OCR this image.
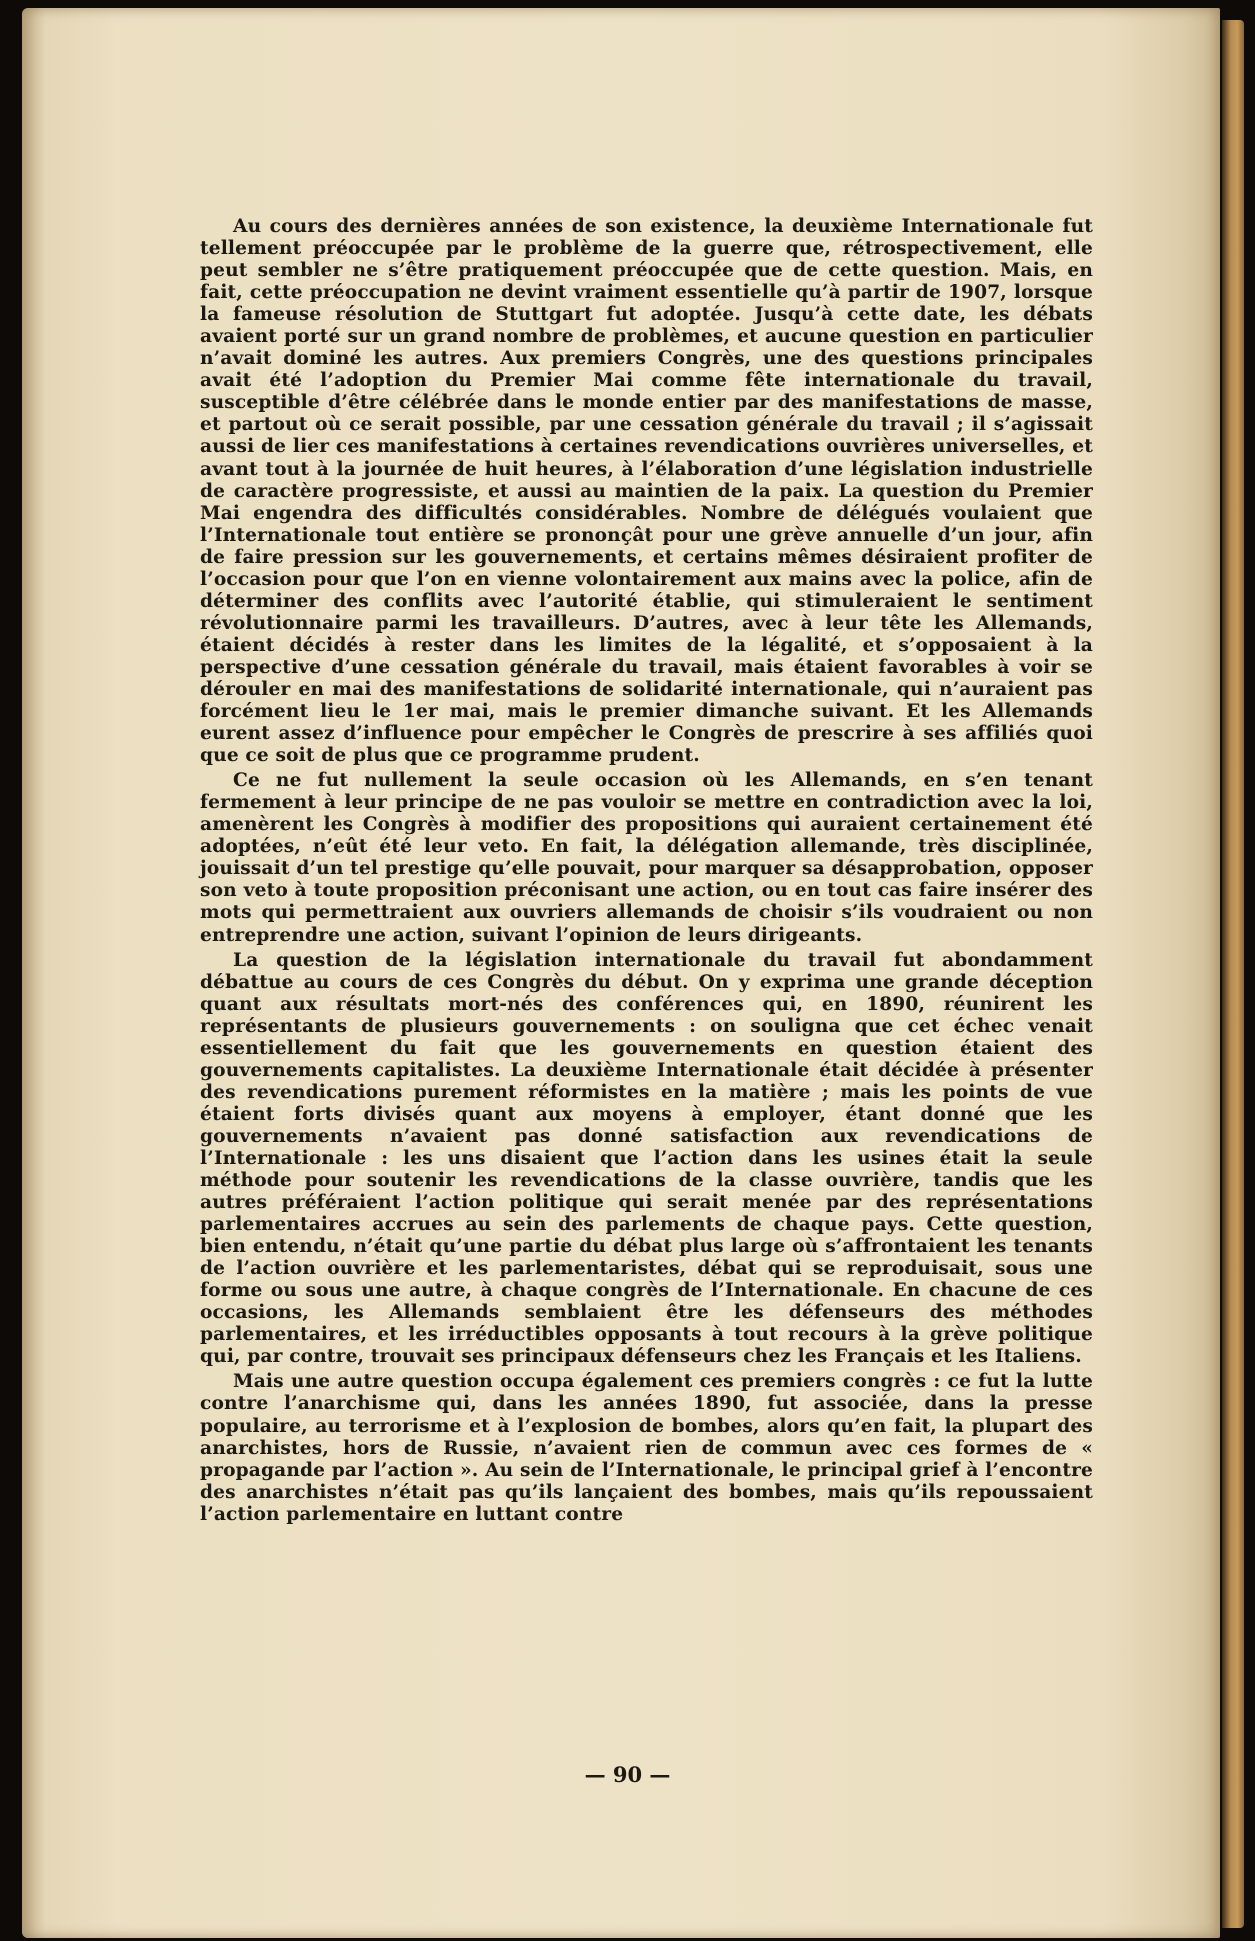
Au cours des dernières années de son existence, la deuxième Internationale fut tellement préoccupée par le problème de la guerre que, rétrospectivement, elle peut sembler ne s’être pratiquement préoccupée que de cette question. Mais, en fait, cette préoccupation ne devint vraiment essentielle qu’à partir de 1907, lorsque la fameuse résolution de Stuttgart fut adoptée. Jusqu’à cette date, les débats avaient porté sur un grand nombre de problèmes, et aucune question en particulier n’avait dominé les autres. Aux premiers Congrès, une des questions principales avait été l’adoption du Premier Mai comme fête internationale du travail, susceptible d’être célébrée dans le monde entier par des manifestations de masse, et partout où ce serait possible, par une cessation générale du travail ; il s’agissait aussi de lier ces manifestations à certaines revendications ouvrières universelles, et avant tout à la journée de huit heures, à l’élaboration d’une législation industrielle de caractère progressiste, et aussi au maintien de la paix. La question du Premier Mai engendra des difficultés considérables. Nombre de délégués voulaient que l’Internationale tout entière se prononçât pour une grève annuelle d’un jour, afin de faire pression sur les gouvernements, et certains mêmes désiraient profiter de l’occasion pour que l’on en vienne volontairement aux mains avec la police, afin de déterminer des conflits avec l’autorité établie, qui stimuleraient le sentiment révolutionnaire parmi les travailleurs. D’autres, avec à leur tête les Allemands, étaient décidés à rester dans les limites de la légalité, et s’opposaient à la perspective d’une cessation générale du travail, mais étaient favorables à voir se dérouler en mai des manifestations de solidarité internationale, qui n’auraient pas forcément lieu le 1er mai, mais le premier dimanche suivant. Et les Allemands eurent assez d’influence pour empêcher le Congrès de prescrire à ses affiliés quoi que ce soit de plus que ce programme prudent.

Ce ne fut nullement la seule occasion où les Allemands, en s’en tenant fermement à leur principe de ne pas vouloir se mettre en contradiction avec la loi, amenèrent les Congrès à modifier des propositions qui auraient certainement été adoptées, n’eût été leur veto. En fait, la délégation allemande, très disciplinée, jouissait d’un tel prestige qu’elle pouvait, pour marquer sa désapprobation, opposer son veto à toute proposition préconisant une action, ou en tout cas faire insérer des mots qui permettraient aux ouvriers allemands de choisir s’ils voudraient ou non entreprendre une action, suivant l’opinion de leurs dirigeants.

La question de la législation internationale du travail fut abondamment débattue au cours de ces Congrès du début. On y exprima une grande déception quant aux résultats mort-nés des conférences qui, en 1890, réunirent les représentants de plusieurs gouvernements : on souligna que cet échec venait essentiellement du fait que les gouvernements en question étaient des gouvernements capitalistes. La deuxième Internationale était décidée à présenter des revendications purement réformistes en la matière ; mais les points de vue étaient forts divisés quant aux moyens à employer, étant donné que les gouvernements n’avaient pas donné satisfaction aux revendications de l’Internationale : les uns disaient que l’action dans les usines était la seule méthode pour soutenir les revendications de la classe ouvrière, tandis que les autres préféraient l’action politique qui serait menée par des représentations parlementaires accrues au sein des parlements de chaque pays. Cette question, bien entendu, n’était qu’une partie du débat plus large où s’affrontaient les tenants de l’action ouvrière et les parlementaristes, débat qui se reproduisait, sous une forme ou sous une autre, à chaque congrès de l’Internationale. En chacune de ces occasions, les Allemands semblaient être les défenseurs des méthodes parlementaires, et les irréductibles opposants à tout recours à la grève politique qui, par contre, trouvait ses principaux défenseurs chez les Français et les Italiens.

Mais une autre question occupa également ces premiers congrès : ce fut la lutte contre l’anarchisme qui, dans les années 1890, fut associée, dans la presse populaire, au terrorisme et à l’explosion de bombes, alors qu’en fait, la plupart des anarchistes, hors de Russie, n’avaient rien de commun avec ces formes de « propagande par l’action ». Au sein de l’Internationale, le principal grief à l’encontre des anarchistes n’était pas qu’ils lançaient des bombes, mais qu’ils repoussaient l’action parlementaire en luttant contre

— 90 —
